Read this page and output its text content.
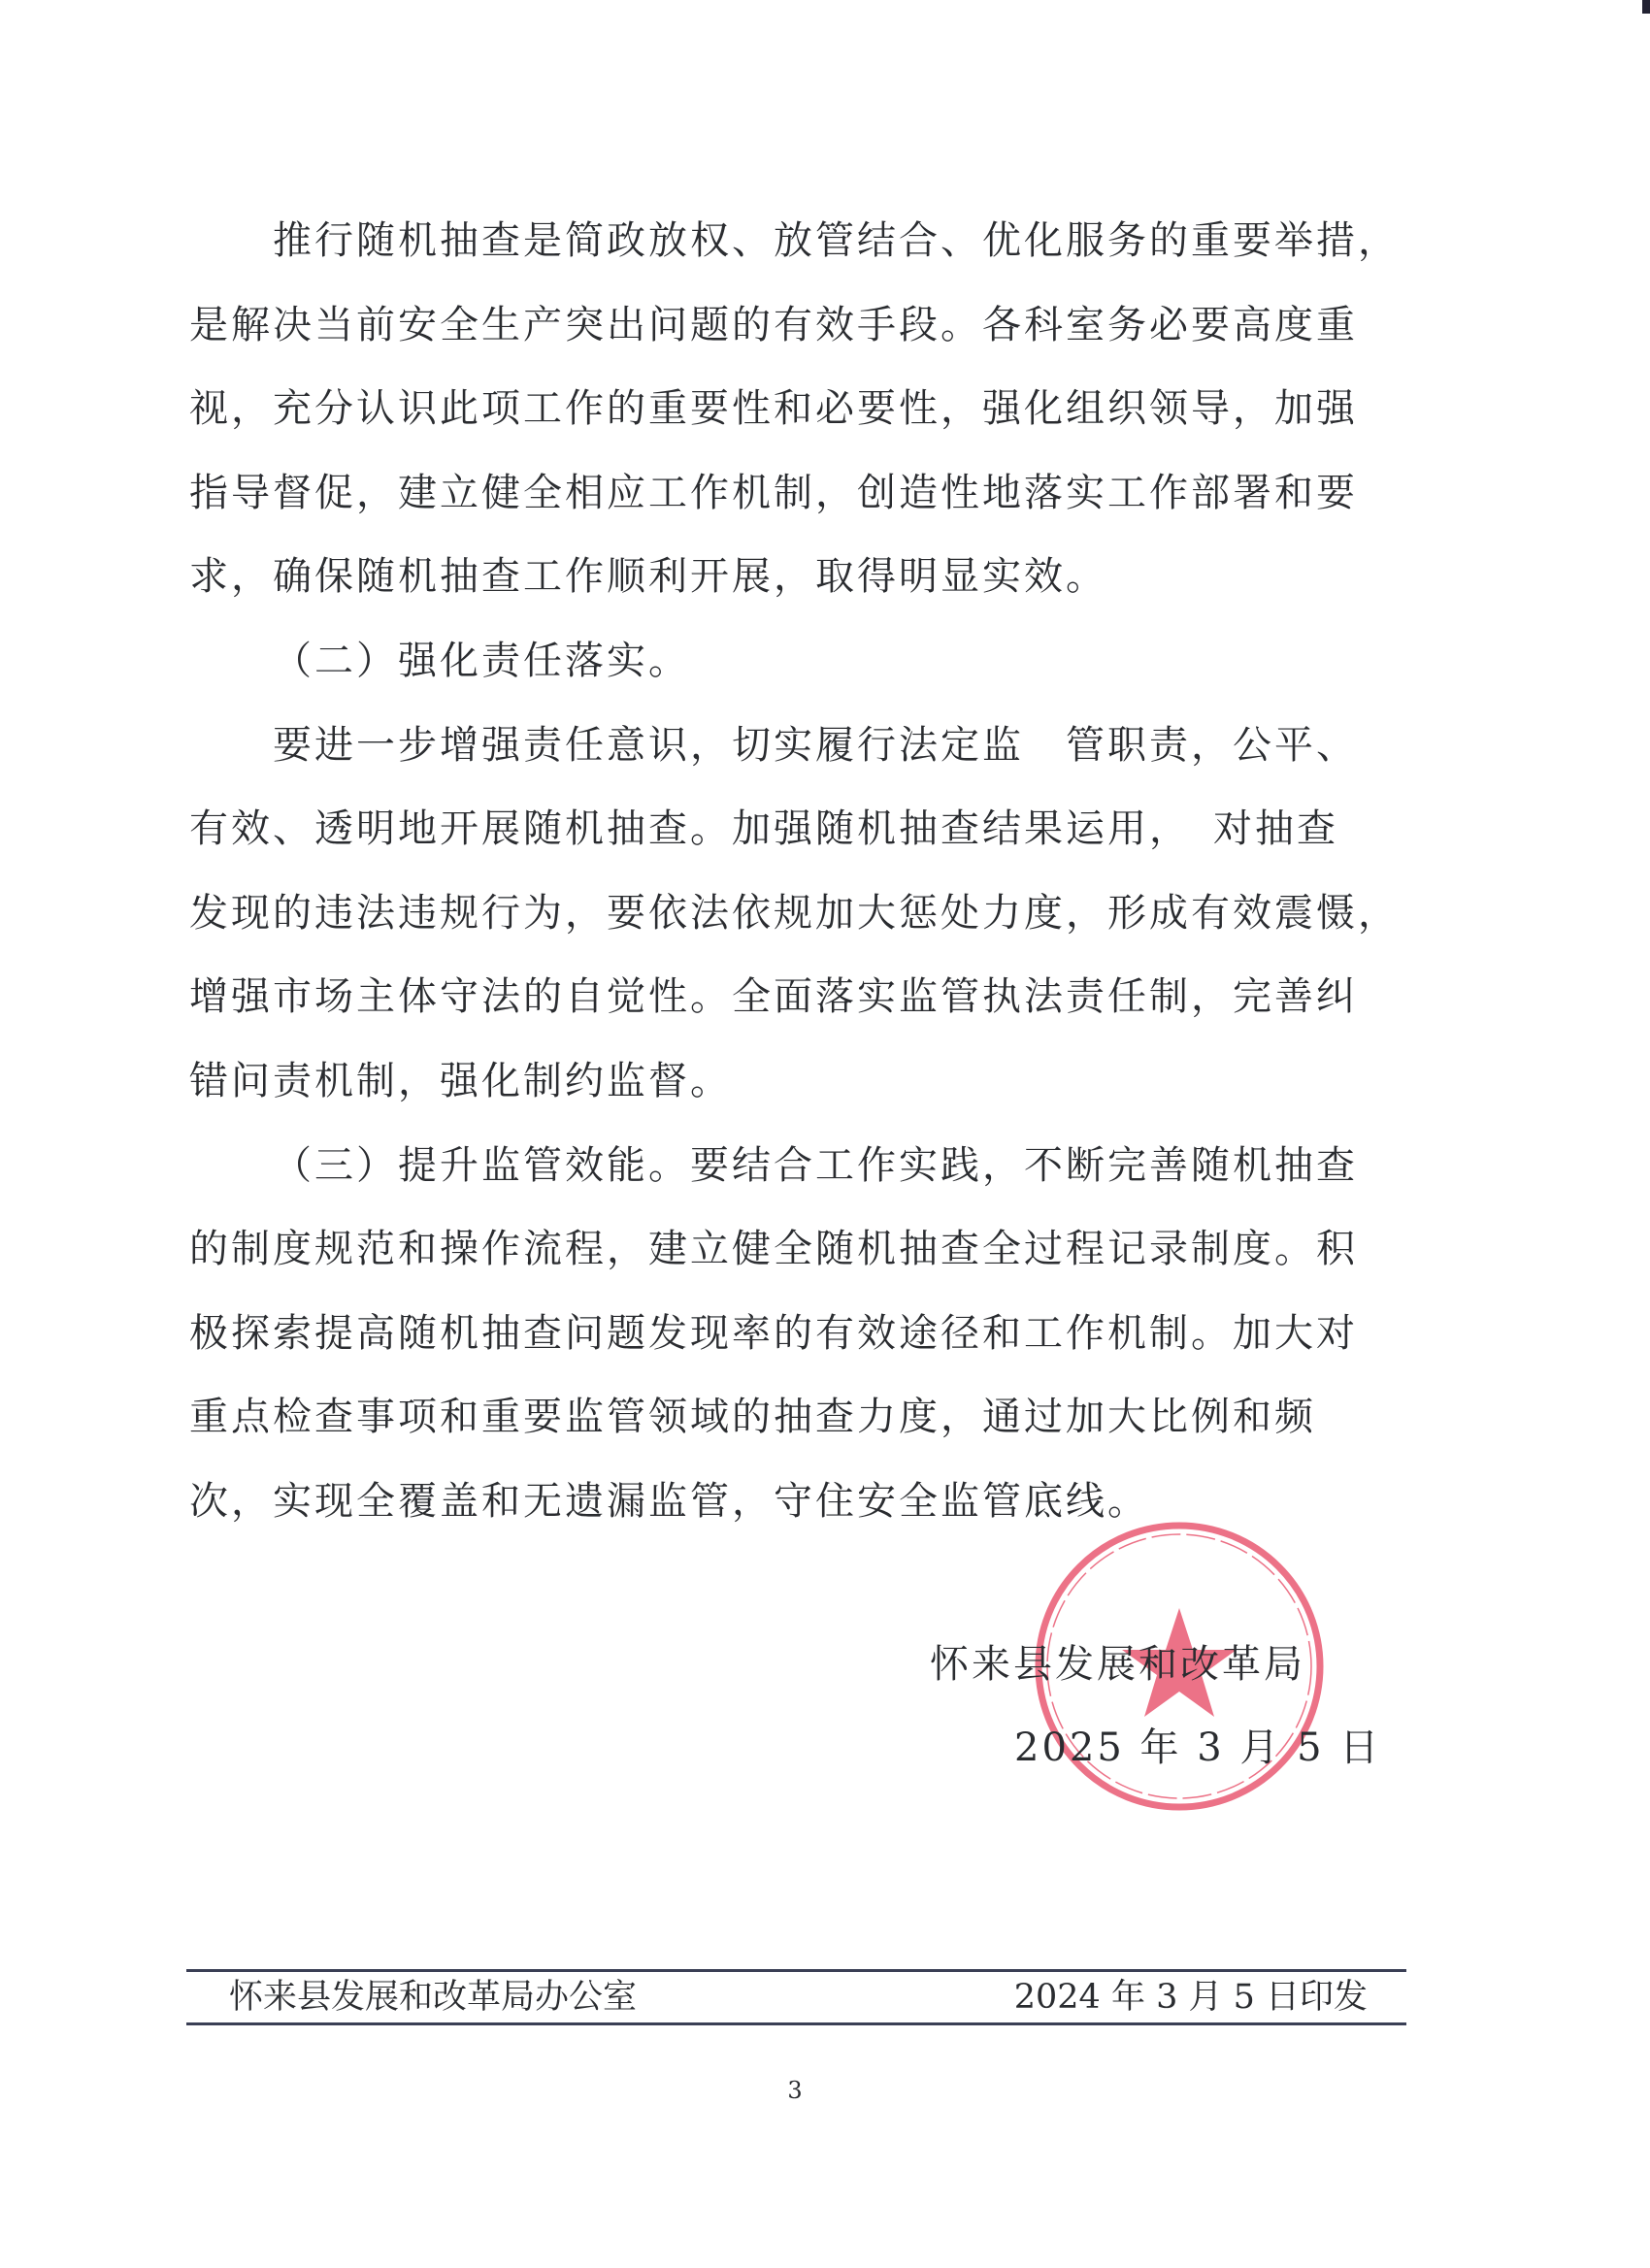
推行随机抽查是简政放权、放管结合、优化服务的重要举措，
是解决当前安全生产突出问题的有效手段。各科室务必要高度重
视，充分认识此项工作的重要性和必要性，强化组织领导，加强
指导督促，建立健全相应工作机制，创造性地落实工作部署和要
求，确保随机抽查工作顺利开展，取得明显实效。
（二）强化责任落实。
要进一步增强责任意识，切实履行法定监　管职责，公平、
有效、透明地开展随机抽查。加强随机抽查结果运用，　对抽查
发现的违法违规行为，要依法依规加大惩处力度，形成有效震慑，
增强市场主体守法的自觉性。全面落实监管执法责任制，完善纠
错问责机制，强化制约监督。
（三）提升监管效能。要结合工作实践，不断完善随机抽查
的制度规范和操作流程，建立健全随机抽查全过程记录制度。积
极探索提高随机抽查问题发现率的有效途径和工作机制。加大对
重点检查事项和重要监管领域的抽查力度，通过加大比例和频
次，实现全覆盖和无遗漏监管，守住安全监管底线。
怀来县发展和改革局
2025 年 3 月 5 日
怀来县发展和改革局办公室	2024 年 3 月 5 日印发
3
